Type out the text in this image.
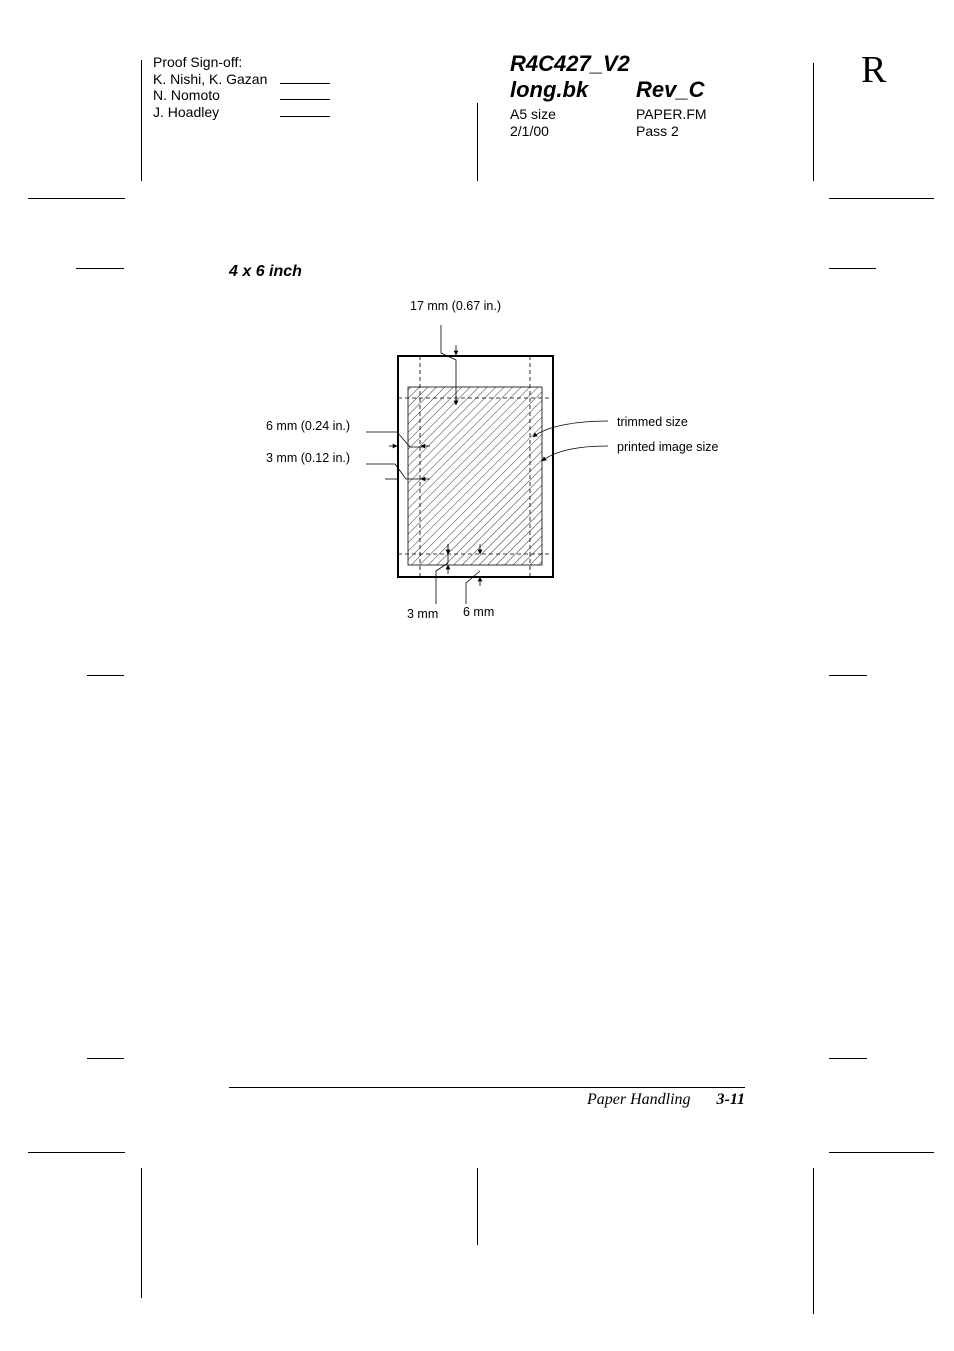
Proof Sign-off:
K. Nishi, K. Gazan
N. Nomoto
J. Hoadley
R4C427_V2
long.bk Rev_C
A5 size	PAPER.FM
2/1/00	Pass 2
R
4 x 6 inch
17 mm (0.67 in.)
6 mm (0.24 in.)
3 mm (0.12 in.)
trimmed size
printed image size
3 mm 6 mm
Paper Handling 3-11
